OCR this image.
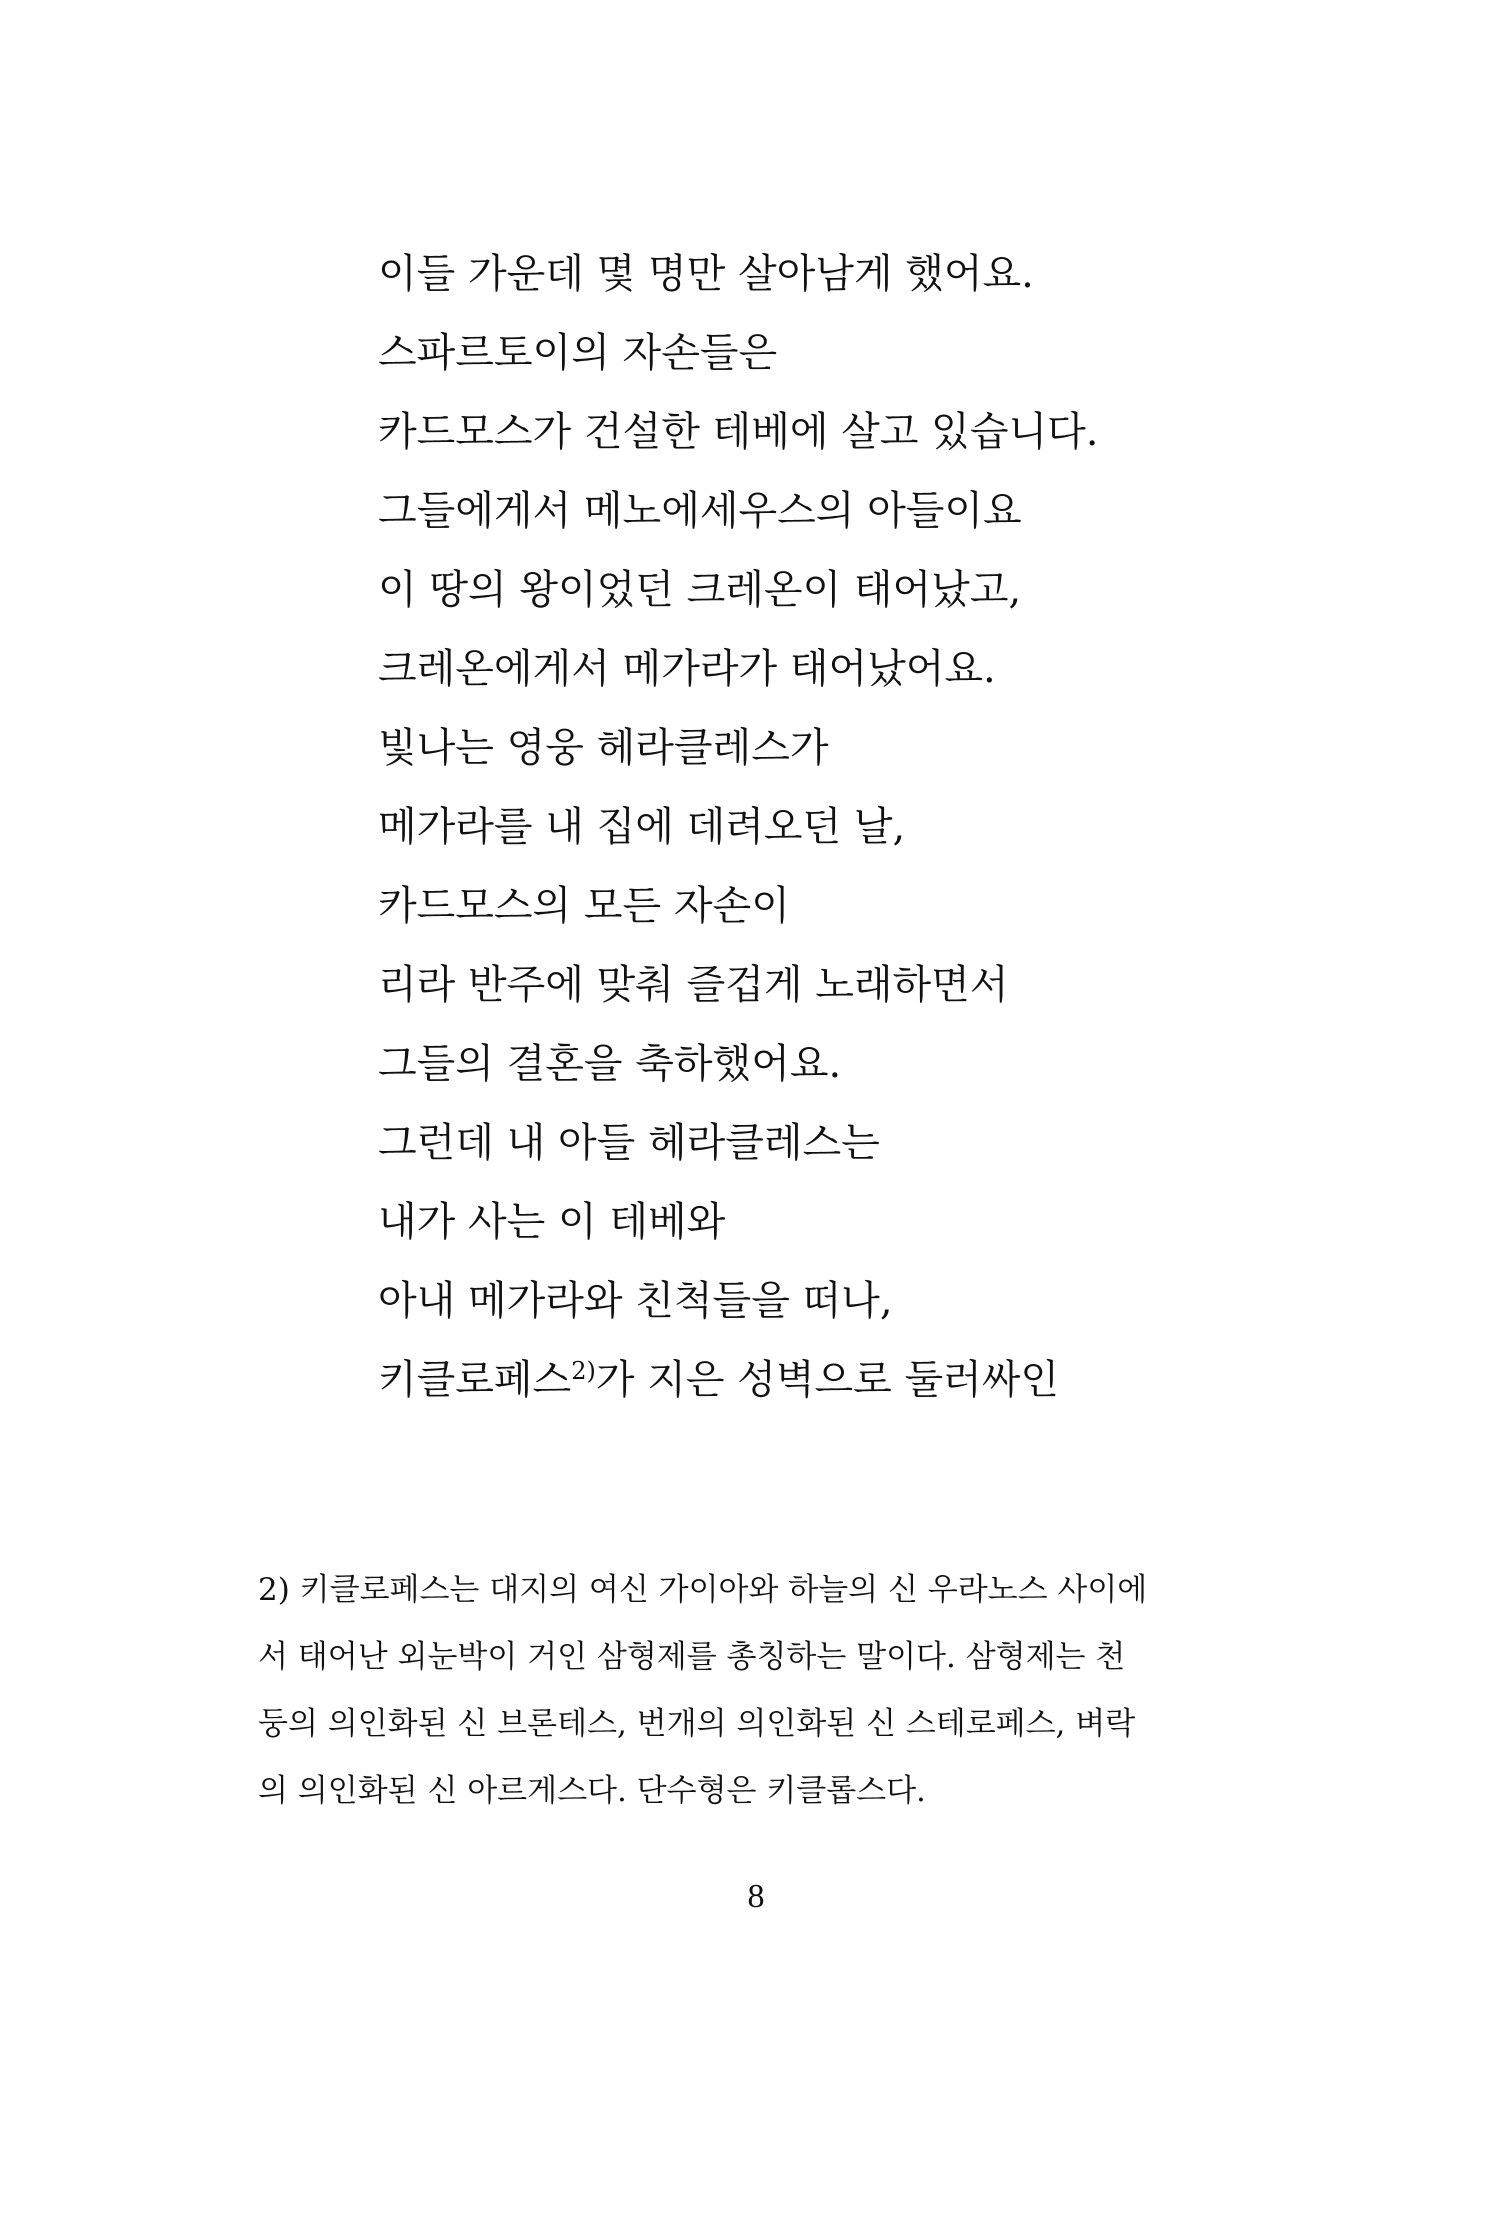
이들 가운데 몇 명만 살아남게 했어요.
스파르토이의 자손들은
카드모스가 건설한 테베에 살고 있습니다.
그들에게서 메노에세우스의 아들이요
이 땅의 왕이었던 크레온이 태어났고,
크레온에게서 메가라가 태어났어요.
빛나는 영웅 헤라클레스가
메가라를 내 집에 데려오던 날,
카드모스의 모든 자손이
리라 반주에 맞춰 즐겁게 노래하면서
그들의 결혼을 축하했어요.
그런데 내 아들 헤라클레스는
내가 사는 이 테베와
아내 메가라와 친척들을 떠나,
키클로페스$^{2)}$가 지은 성벽으로 둘러싸인
2) 키클로페스는 대지의 여신 가이아와 하늘의 신 우라노스 사이에
서 태어난 외눈박이 거인 삼형제를 총칭하는 말이다. 삼형제는 천
둥의 의인화된 신 브론테스, 번개의 의인화된 신 스테로페스, 벼락
의 의인화된 신 아르게스다. 단수형은 키클롭스다.
8
